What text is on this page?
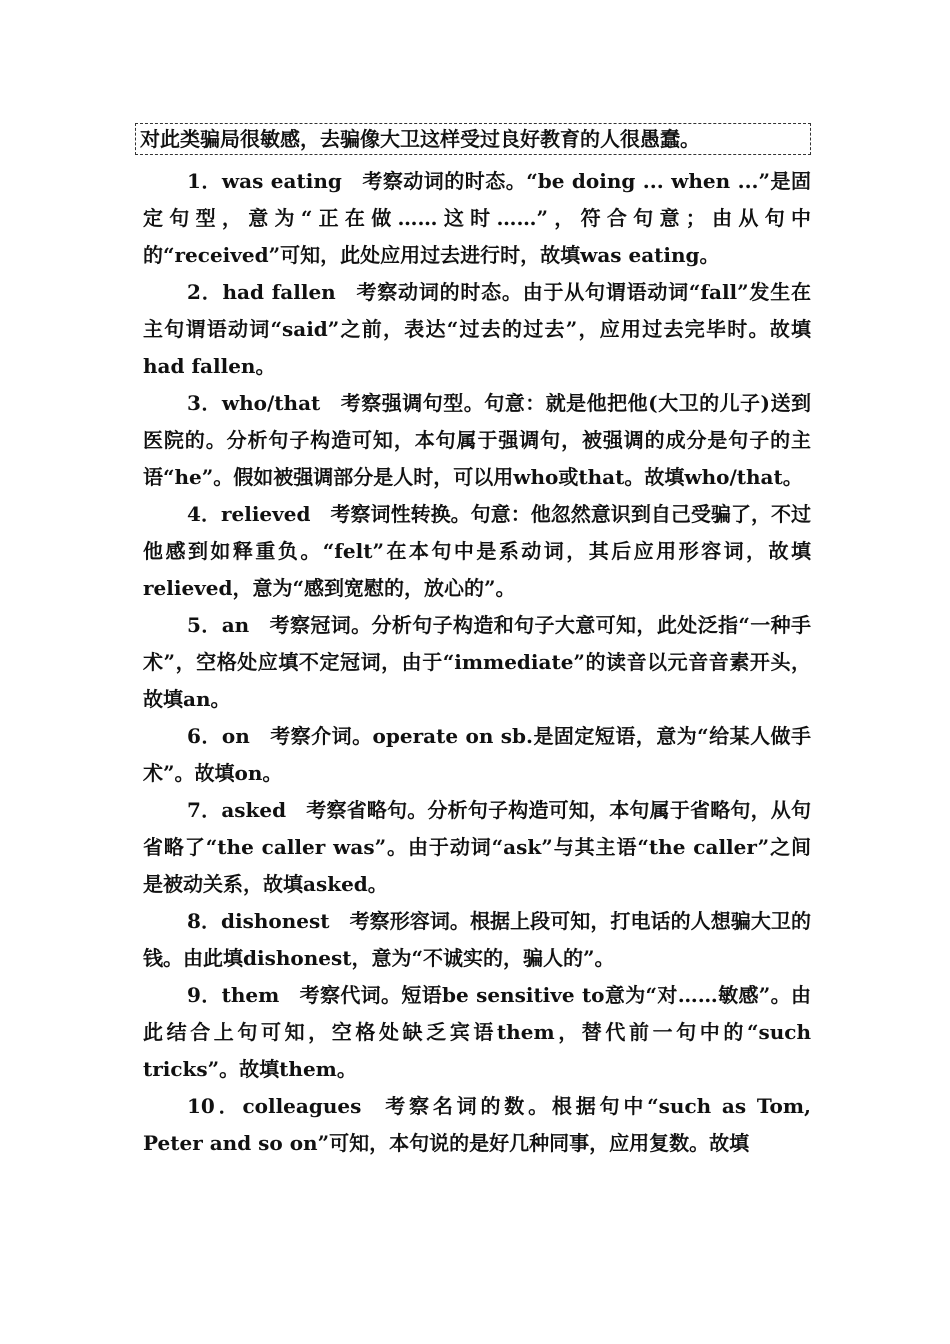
对此类骗局很敏感，去骗像大卫这样受过良好教育的人很愚蠢。

1．was eating 考察动词的时态。“be doing ... when ...”是固定句型，意为“正在做……这时……”，符合句意；由从句中的“received”可知，此处应用过去进行时，故填was eating。

2．had fallen 考察动词的时态。由于从句谓语动词“fall”发生在主句谓语动词“said”之前，表达“过去的过去”，应用过去完毕时。故填had fallen。

3．who/that 考察强调句型。句意：就是他把他(大卫的儿子)送到医院的。分析句子构造可知，本句属于强调句，被强调的成分是句子的主语“he”。假如被强调部分是人时，可以用who或that。故填who/that。

4．relieved 考察词性转换。句意：他忽然意识到自己受骗了，不过他感到如释重负。“felt”在本句中是系动词，其后应用形容词，故填relieved，意为“感到宽慰的，放心的”。

5．an 考察冠词。分析句子构造和句子大意可知，此处泛指“一种手术”，空格处应填不定冠词，由于“immediate”的读音以元音音素开头，故填an。

6．on 考察介词。operate on sb.是固定短语，意为“给某人做手术”。故填on。

7．asked 考察省略句。分析句子构造可知，本句属于省略句，从句省略了“the caller was”。由于动词“ask”与其主语“the caller”之间是被动关系，故填asked。

8．dishonest 考察形容词。根据上段可知，打电话的人想骗大卫的钱。由此填dishonest，意为“不诚实的，骗人的”。

9．them 考察代词。短语be sensitive to意为“对……敏感”。由此结合上句可知，空格处缺乏宾语them，替代前一句中的“such tricks”。故填them。

10．colleagues 考察名词的数。根据句中“such as Tom, Peter and so on”可知，本句说的是好几种同事，应用复数。故填
